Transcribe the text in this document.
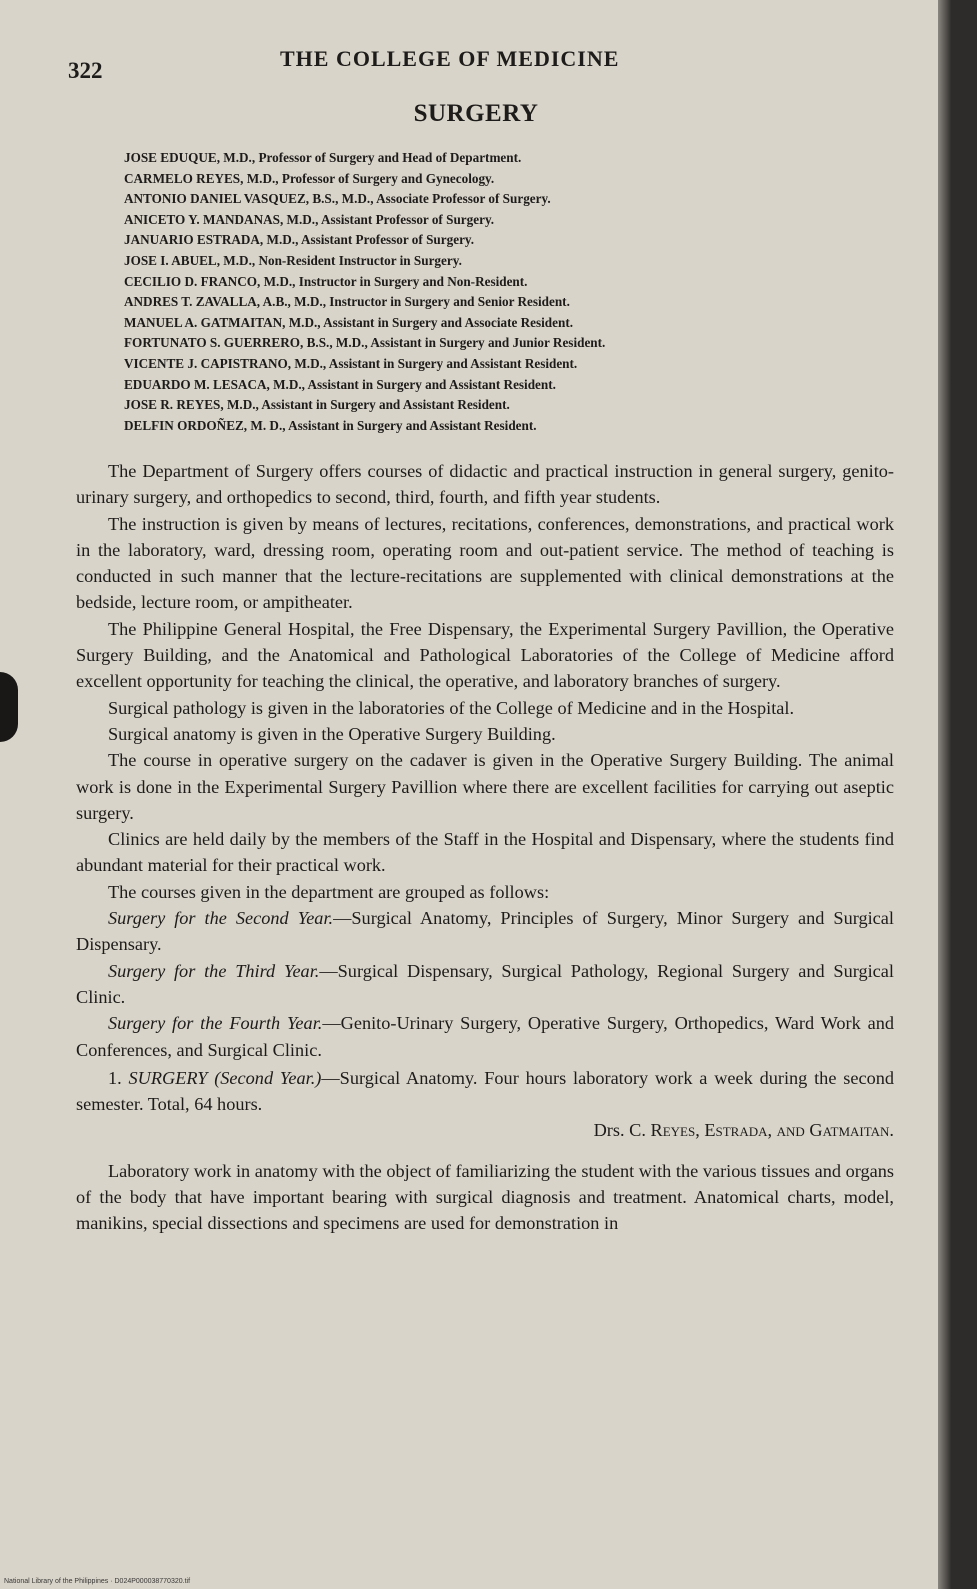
322	THE COLLEGE OF MEDICINE
SURGERY
JOSE EDUQUE, M.D., Professor of Surgery and Head of Department.
CARMELO REYES, M.D., Professor of Surgery and Gynecology.
ANTONIO DANIEL VASQUEZ, B.S., M.D., Associate Professor of Surgery.
ANICETO Y. MANDANAS, M.D., Assistant Professor of Surgery.
JANUARIO ESTRADA, M.D., Assistant Professor of Surgery.
JOSE I. ABUEL, M.D., Non-Resident Instructor in Surgery.
CECILIO D. FRANCO, M.D., Instructor in Surgery and Non-Resident.
ANDRES T. ZAVALLA, A.B., M.D., Instructor in Surgery and Senior Resident.
MANUEL A. GATMAITAN, M.D., Assistant in Surgery and Associate Resident.
FORTUNATO S. GUERRERO, B.S., M.D., Assistant in Surgery and Junior Resident.
VICENTE J. CAPISTRANO, M.D., Assistant in Surgery and Assistant Resident.
EDUARDO M. LESACA, M.D., Assistant in Surgery and Assistant Resident.
JOSE R. REYES, M.D., Assistant in Surgery and Assistant Resident.
DELFIN ORDOÑEZ, M. D., Assistant in Surgery and Assistant Resident.

The Department of Surgery offers courses of didactic and practical instruction in general surgery, genito-urinary surgery, and orthopedics to second, third, fourth, and fifth year students.

The instruction is given by means of lectures, recitations, conferences, demonstrations, and practical work in the laboratory, ward, dressing room, operating room and out-patient service. The method of teaching is conducted in such manner that the lecture-recitations are supplemented with clinical demonstrations at the bedside, lecture room, or ampitheater.

The Philippine General Hospital, the Free Dispensary, the Experimental Surgery Pavillion, the Operative Surgery Building, and the Anatomical and Pathological Laboratories of the College of Medicine afford excellent opportunity for teaching the clinical, the operative, and laboratory branches of surgery.

Surgical pathology is given in the laboratories of the College of Medicine and in the Hospital.

Surgical anatomy is given in the Operative Surgery Building.

The course in operative surgery on the cadaver is given in the Operative Surgery Building. The animal work is done in the Experimental Surgery Pavillion where there are excellent facilities for carrying out aseptic surgery.

Clinics are held daily by the members of the Staff in the Hospital and Dispensary, where the students find abundant material for their practical work.

The courses given in the department are grouped as follows:

Surgery for the Second Year.—Surgical Anatomy, Principles of Surgery, Minor Surgery and Surgical Dispensary.

Surgery for the Third Year.—Surgical Dispensary, Surgical Pathology, Regional Surgery and Surgical Clinic.

Surgery for the Fourth Year.—Genito-Urinary Surgery, Operative Surgery, Orthopedics, Ward Work and Conferences, and Surgical Clinic.

1. SURGERY (Second Year.)—Surgical Anatomy. Four hours laboratory work a week during the second semester. Total, 64 hours.

Drs. C. Reyes, Estrada, and Gatmaitan.

Laboratory work in anatomy with the object of familiarizing the student with the various tissues and organs of the body that have important bearing with surgical diagnosis and treatment. Anatomical charts, model, manikins, special dissections and specimens are used for demonstration in

National Library of the Philippines · D024P000038770320.tif
